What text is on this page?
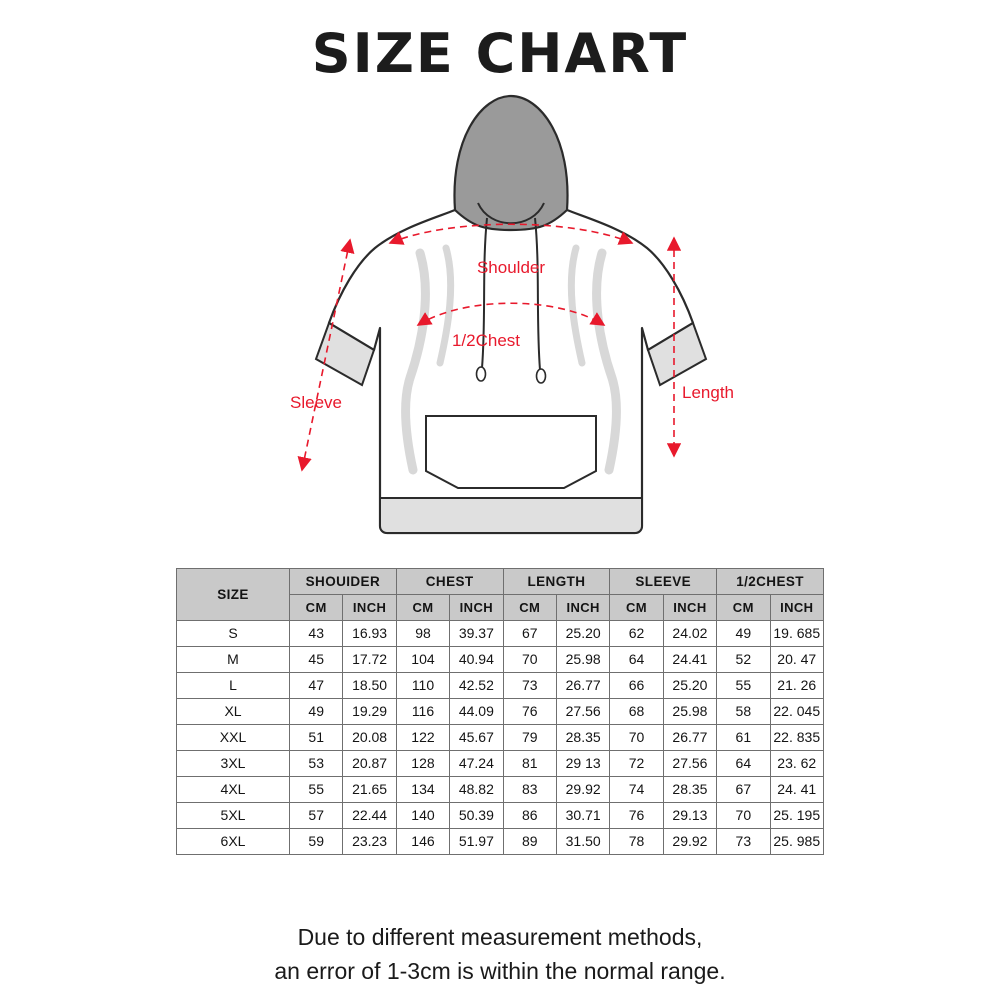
SIZE CHART
Shoulder
1/2Chest
Sleeve
Length
SIZE	SHOUIDER		CHEST		LENGTH		SLEEVE		1/2CHEST	
	CM	INCH	CM	INCH	CM	INCH	CM	INCH	CM	INCH
S	43	16.93	98	39.37	67	25.20	62	24.02	49	19. 685
M	45	17.72	104	40.94	70	25.98	64	24.41	52	20. 47
L	47	18.50	110	42.52	73	26.77	66	25.20	55	21. 26
XL	49	19.29	116	44.09	76	27.56	68	25.98	58	22. 045
XXL	51	20.08	122	45.67	79	28.35	70	26.77	61	22. 835
3XL	53	20.87	128	47.24	81	29 13	72	27.56	64	23. 62
4XL	55	21.65	134	48.82	83	29.92	74	28.35	67	24. 41
5XL	57	22.44	140	50.39	86	30.71	76	29.13	70	25. 195
6XL	59	23.23	146	51.97	89	31.50	78	29.92	73	25. 985
Due to different measurement methods,
an error of 1-3cm is within the normal range.
